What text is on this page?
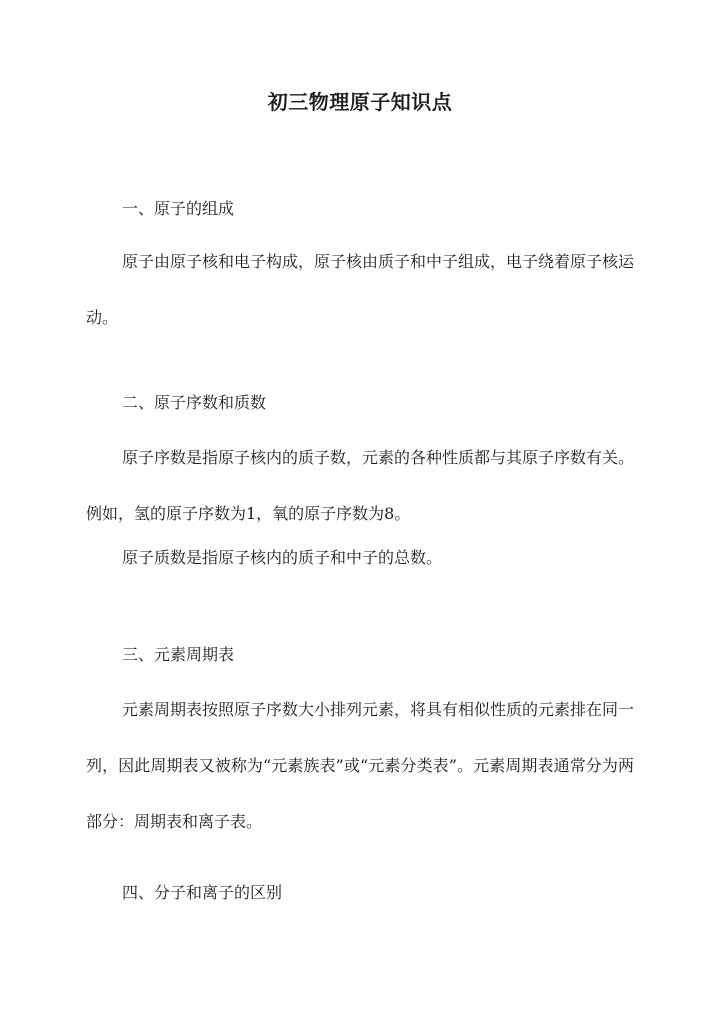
初三物理原子知识点
一、原子的组成

原子由原子核和电子构成，原子核由质子和中子组成，电子绕着原子核运动。

二、原子序数和质数

原子序数是指原子核内的质子数，元素的各种性质都与其原子序数有关。例如，氢的原子序数为1，氧的原子序数为8。

原子质数是指原子核内的质子和中子的总数。

三、元素周期表

元素周期表按照原子序数大小排列元素，将具有相似性质的元素排在同一列，因此周期表又被称为“元素族表”或“元素分类表”。元素周期表通常分为两部分：周期表和离子表。

四、分子和离子的区别
